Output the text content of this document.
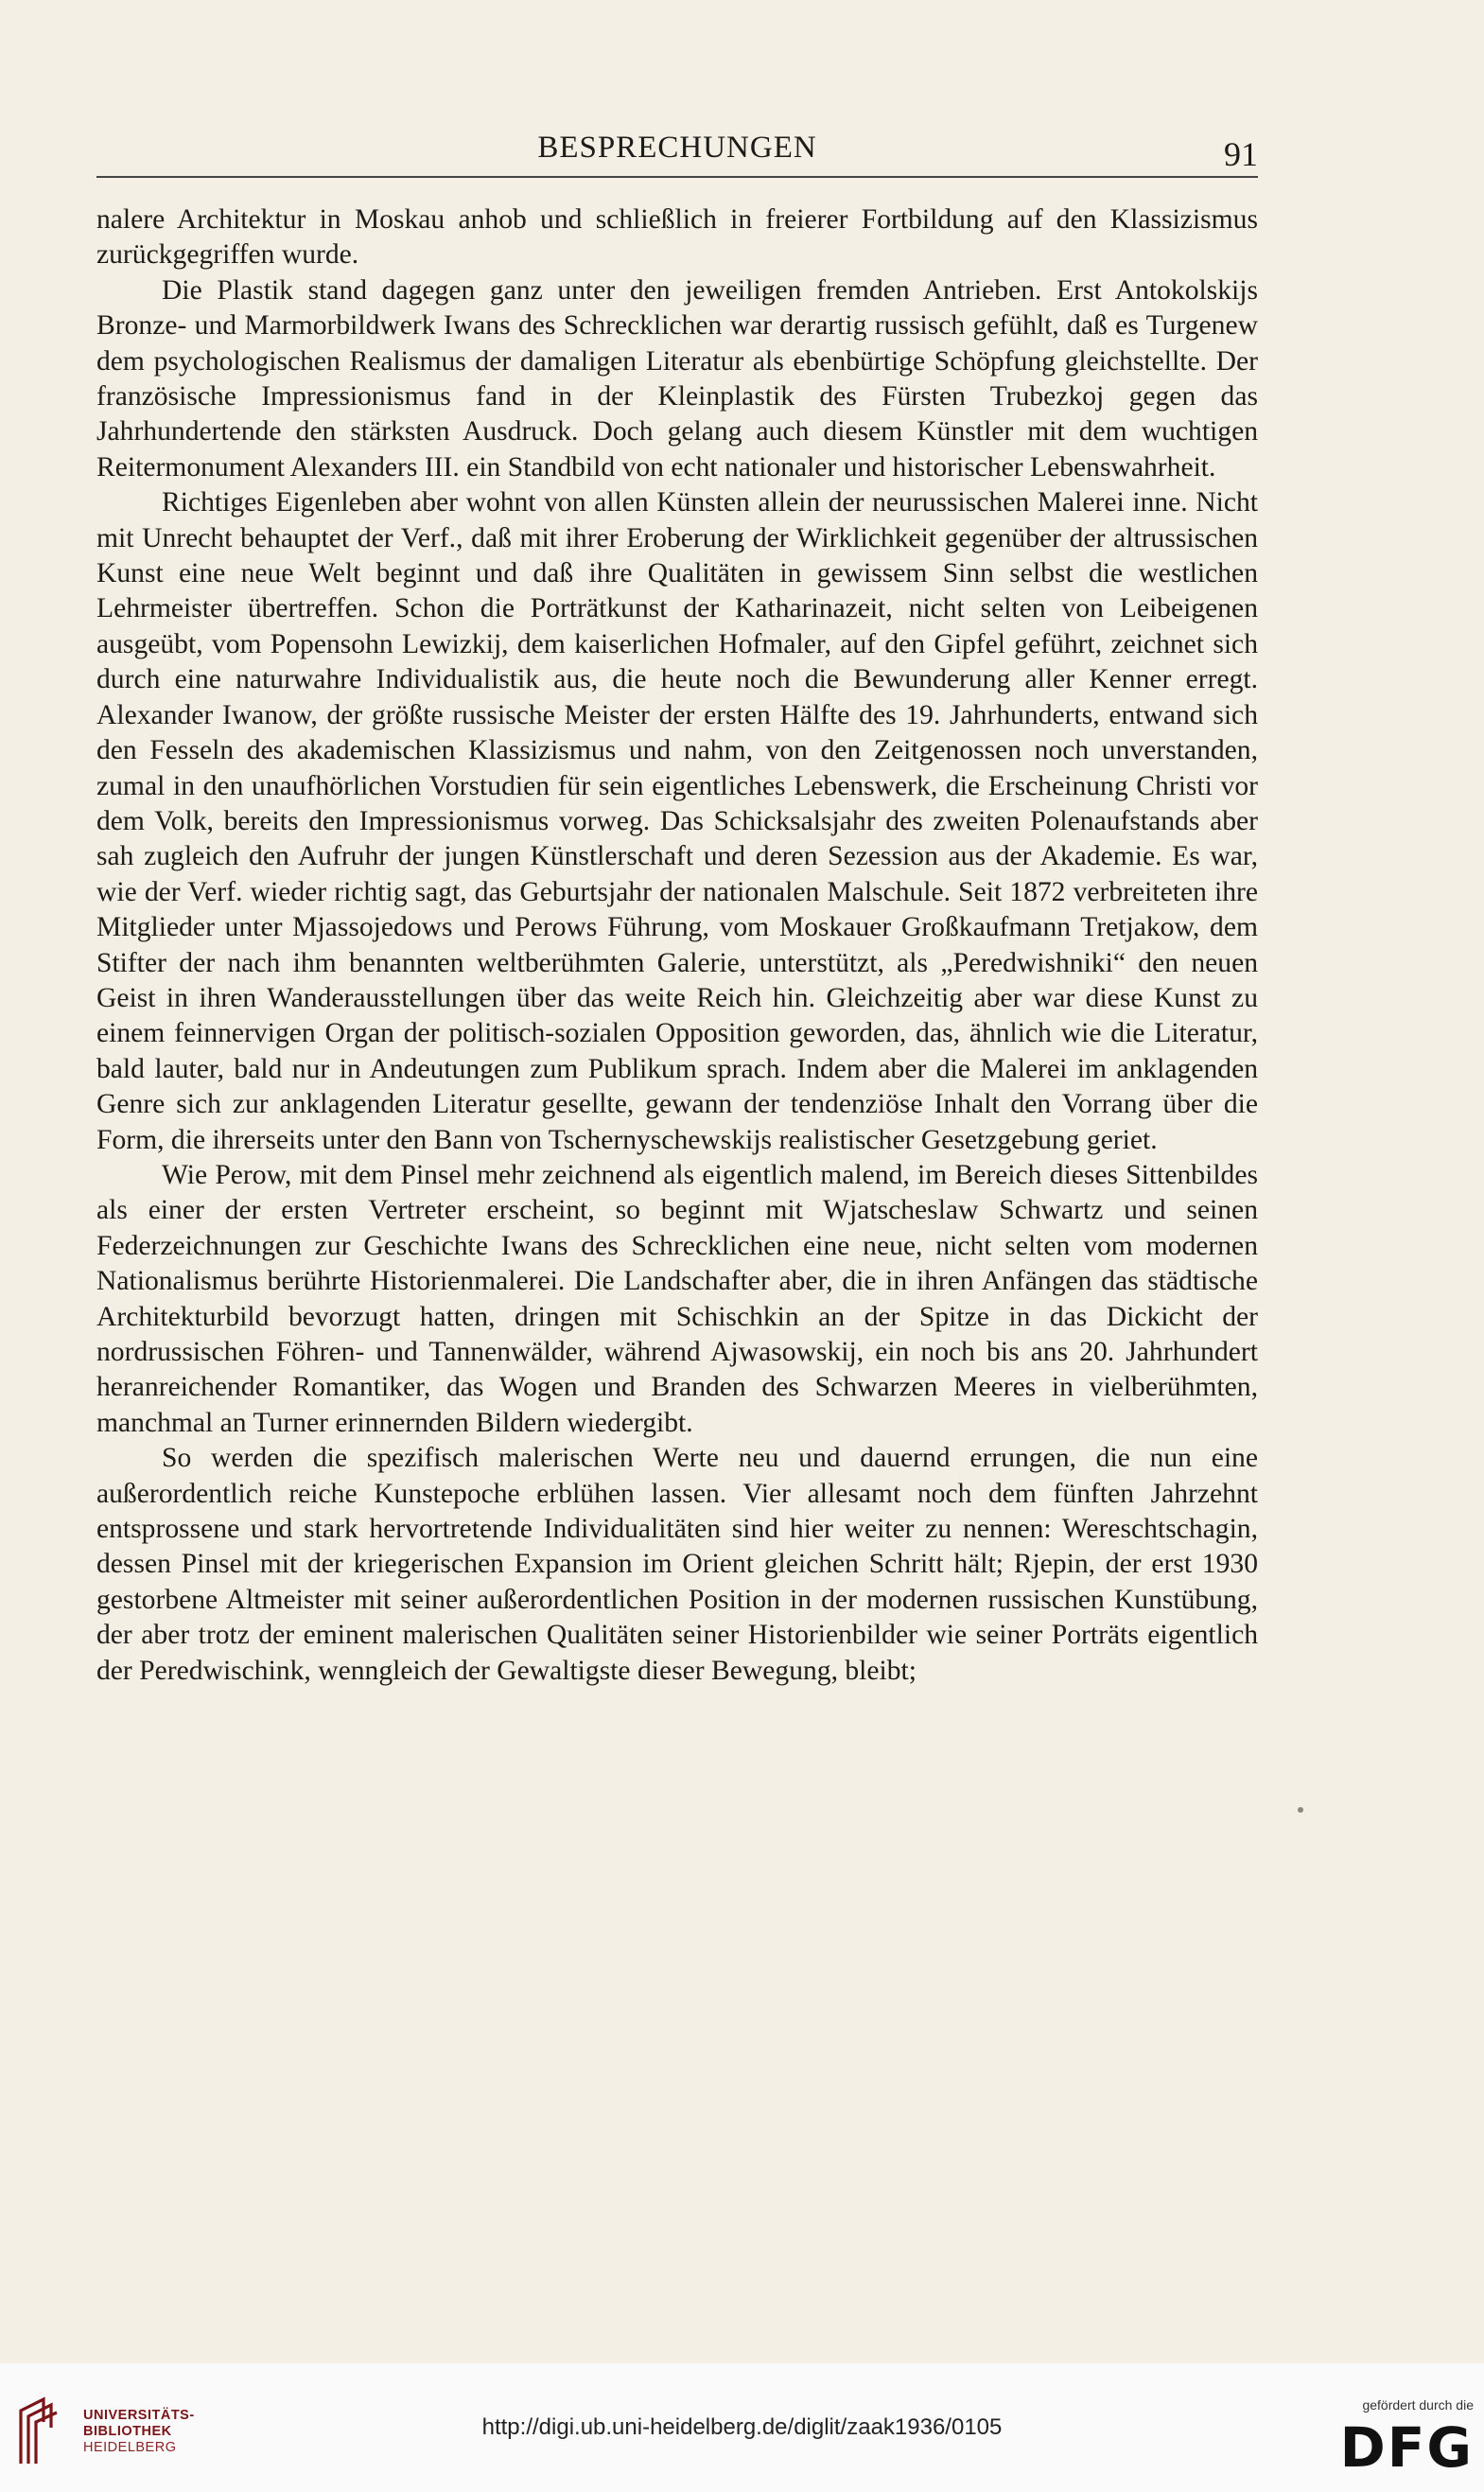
BESPRECHUNGEN	91

nalere Architektur in Moskau anhob und schließlich in freierer Fortbildung auf den Klassizismus zurückgegriffen wurde.

Die Plastik stand dagegen ganz unter den jeweiligen fremden Antrieben. Erst Antokolskijs Bronze- und Marmorbildwerk Iwans des Schrecklichen war derartig russisch gefühlt, daß es Turgenew dem psychologischen Realismus der damaligen Literatur als ebenbürtige Schöpfung gleichstellte. Der französische Impressionismus fand in der Kleinplastik des Fürsten Trubezkoj gegen das Jahrhundertende den stärksten Ausdruck. Doch gelang auch diesem Künstler mit dem wuchtigen Reitermonument Alexanders III. ein Standbild von echt nationaler und historischer Lebenswahrheit.

Richtiges Eigenleben aber wohnt von allen Künsten allein der neurussischen Malerei inne. Nicht mit Unrecht behauptet der Verf., daß mit ihrer Eroberung der Wirklichkeit gegenüber der altrussischen Kunst eine neue Welt beginnt und daß ihre Qualitäten in gewissem Sinn selbst die westlichen Lehrmeister übertreffen. Schon die Porträtkunst der Katharinazeit, nicht selten von Leibeigenen ausgeübt, vom Popensohn Lewizkij, dem kaiserlichen Hofmaler, auf den Gipfel geführt, zeichnet sich durch eine naturwahre Individualistik aus, die heute noch die Bewunderung aller Kenner erregt. Alexander Iwanow, der größte russische Meister der ersten Hälfte des 19. Jahrhunderts, entwand sich den Fesseln des akademischen Klassizismus und nahm, von den Zeitgenossen noch unverstanden, zumal in den unaufhörlichen Vorstudien für sein eigentliches Lebenswerk, die Erscheinung Christi vor dem Volk, bereits den Impressionismus vorweg. Das Schicksalsjahr des zweiten Polenaufstands aber sah zugleich den Aufruhr der jungen Künstlerschaft und deren Sezession aus der Akademie. Es war, wie der Verf. wieder richtig sagt, das Geburtsjahr der nationalen Malschule. Seit 1872 verbreiteten ihre Mitglieder unter Mjassojedows und Perows Führung, vom Moskauer Großkaufmann Tretjakow, dem Stifter der nach ihm benannten weltberühmten Galerie, unterstützt, als „Peredwishniki“ den neuen Geist in ihren Wanderausstellungen über das weite Reich hin. Gleichzeitig aber war diese Kunst zu einem feinnervigen Organ der politisch-sozialen Opposition geworden, das, ähnlich wie die Literatur, bald lauter, bald nur in Andeutungen zum Publikum sprach. Indem aber die Malerei im anklagenden Genre sich zur anklagenden Literatur gesellte, gewann der tendenziöse Inhalt den Vorrang über die Form, die ihrerseits unter den Bann von Tschernyschewskijs realistischer Gesetzgebung geriet.

Wie Perow, mit dem Pinsel mehr zeichnend als eigentlich malend, im Bereich dieses Sittenbildes als einer der ersten Vertreter erscheint, so beginnt mit Wjatscheslaw Schwartz und seinen Federzeichnungen zur Geschichte Iwans des Schrecklichen eine neue, nicht selten vom modernen Nationalismus berührte Historienmalerei. Die Landschafter aber, die in ihren Anfängen das städtische Architekturbild bevorzugt hatten, dringen mit Schischkin an der Spitze in das Dickicht der nordrussischen Föhren- und Tannenwälder, während Ajwasowskij, ein noch bis ans 20. Jahrhundert heranreichender Romantiker, das Wogen und Branden des Schwarzen Meeres in vielberühmten, manchmal an Turner erinnernden Bildern wiedergibt.

So werden die spezifisch malerischen Werte neu und dauernd errungen, die nun eine außerordentlich reiche Kunstepoche erblühen lassen. Vier allesamt noch dem fünften Jahrzehnt entsprossene und stark hervortretende Individualitäten sind hier weiter zu nennen: Wereschtschagin, dessen Pinsel mit der kriegerischen Expansion im Orient gleichen Schritt hält; Rjepin, der erst 1930 gestorbene Altmeister mit seiner außerordentlichen Position in der modernen russischen Kunstübung, der aber trotz der eminent malerischen Qualitäten seiner Historienbilder wie seiner Porträts eigentlich der Peredwischink, wenngleich der Gewaltigste dieser Bewegung, bleibt;

UNIVERSITÄTS-
BIBLIOTHEK
HEIDELBERG
http://digi.ub.uni-heidelberg.de/diglit/zaak1936/0105
gefördert durch die
DFG
